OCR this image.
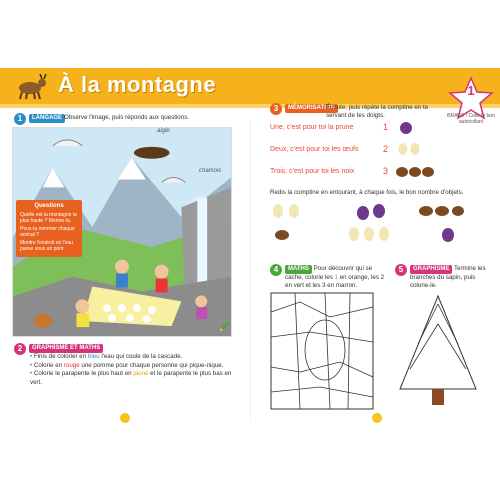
À la montagne	1
BRAVO ! Colle le bon autocollant
1	LANGAGE Observe l'image, puis réponds aux questions.
aigle
chamois
Questions
Quelle est la montagne la plus haute ? Montre-la.
Peux-tu nommer chaque animal ?
Montre l'endroit où l'eau passe sous un pont.
2	GRAPHISME ET MATHS
• Finis de colorier en bleu l'eau qui coule de la cascade.
• Colorie en rouge une pomme pour chaque personne qui pique-nique.
• Colorie le parapente le plus haut en jaune et le parapente le plus bas en vert.
3	MÉMORISATION
Écoute, puis répète la comptine en te servant de tes doigts.
Une, c'est pour toi la prune	1
Deux, c'est pour toi les œufs	2
Trois, c'est pour toi les noix	3
Redis la comptine en entourant, à chaque fois, le bon nombre d'objets.
4	MATHS Pour découvrir qui se cache, colorie les 1 en orange, les 2 en vert et les 3 en marron.
5	GRAPHISME Termine les branches du sapin, puis colorie-le.
